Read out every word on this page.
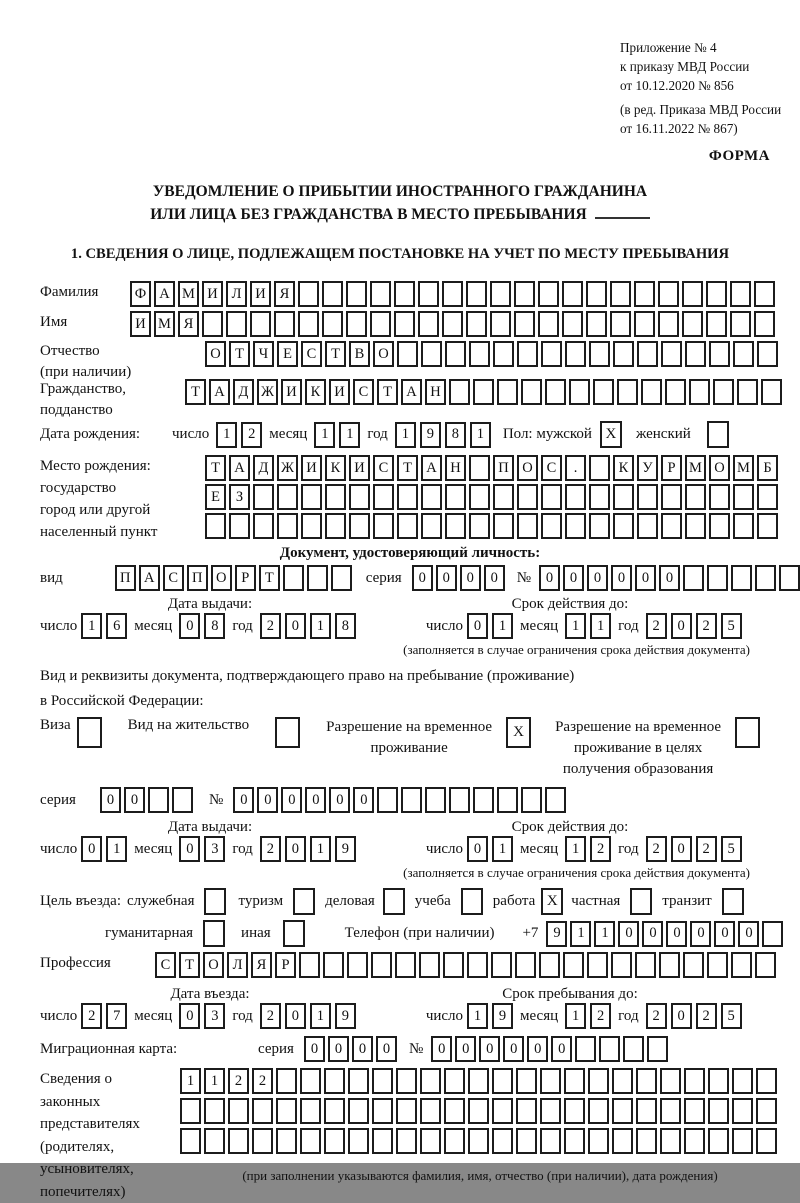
Приложение № 4
к приказу МВД России
от 10.12.2020 № 856
(в ред. Приказа МВД России
от 16.11.2022 № 867)
ФОРМА
УВЕДОМЛЕНИЕ О ПРИБЫТИИ ИНОСТРАННОГО ГРАЖДАНИНА
ИЛИ ЛИЦА БЕЗ ГРАЖДАНСТВА В МЕСТО ПРЕБЫВАНИЯ
1. СВЕДЕНИЯ О ЛИЦЕ, ПОДЛЕЖАЩЕМ ПОСТАНОВКЕ НА УЧЕТ ПО МЕСТУ ПРЕБЫВАНИЯ
Фамилия	Ф А М И Л И Я
Имя	И М Я
Отчество
(при наличии)
О Т	Ч	Е	С	Т	В О
Гражданство,
подданство
Т А Д Ж И К И С	Т А Н
Дата рождения:	число 1	2 месяц 1	1 год 1	9	8	1	Пол: мужской X	женский
Место рождения:
государство
город или другой
населенный пункт
Т А Д Ж И К И С	Т А Н	П О С	.	К У	Р М О М Б
Е	З
Документ, удостоверяющий личность:
вид	П А С П О	Р	Т	серия	0	0	0	0	№	0	0	0	0	0	0
Дата выдачи:	Срок действия до:
число 1	6 месяц 0	8 год 2	0	1	8	число 0	1 месяц 1	1 год 2	0	2	5
(заполняется в случае ограничения срока действия документа)
Вид и реквизиты документа, подтверждающего право на пребывание (проживание)
в Российской Федерации:
Виза	Вид на жительство	Разрешение на временное
проживание
X	Разрешение на временное
проживание в целях
получения образования
серия	0	0	№	0	0	0	0	0	0
Дата выдачи:	Срок действия до:
число 0	1 месяц 0	3 год 2	0	1	9	число 0	1 месяц 1	2 год 2	0	2	5
(заполняется в случае ограничения срока действия документа)
Цель въезда: служебная	туризм	деловая	учеба	работа X частная	транзит
гуманитарная	иная	Телефон (при наличии) +7	9	1	1	0	0	0	0	0	0
Профессия	С	Т О Л Я	Р
Дата въезда:	Срок пребывания до:
число 2	7 месяц 0	3 год 2	0	1	9	число 1	9 месяц 1	2 год 2	0	2	5
Миграционная карта:	серия	0	0	0	0	№	0	0	0	0	0	0
Сведения о
законных
представителях
(родителях,
усыновителях,
попечителях)
1	1	2	2
(при заполнении указываются фамилия, имя, отчество (при наличии), дата рождения)
